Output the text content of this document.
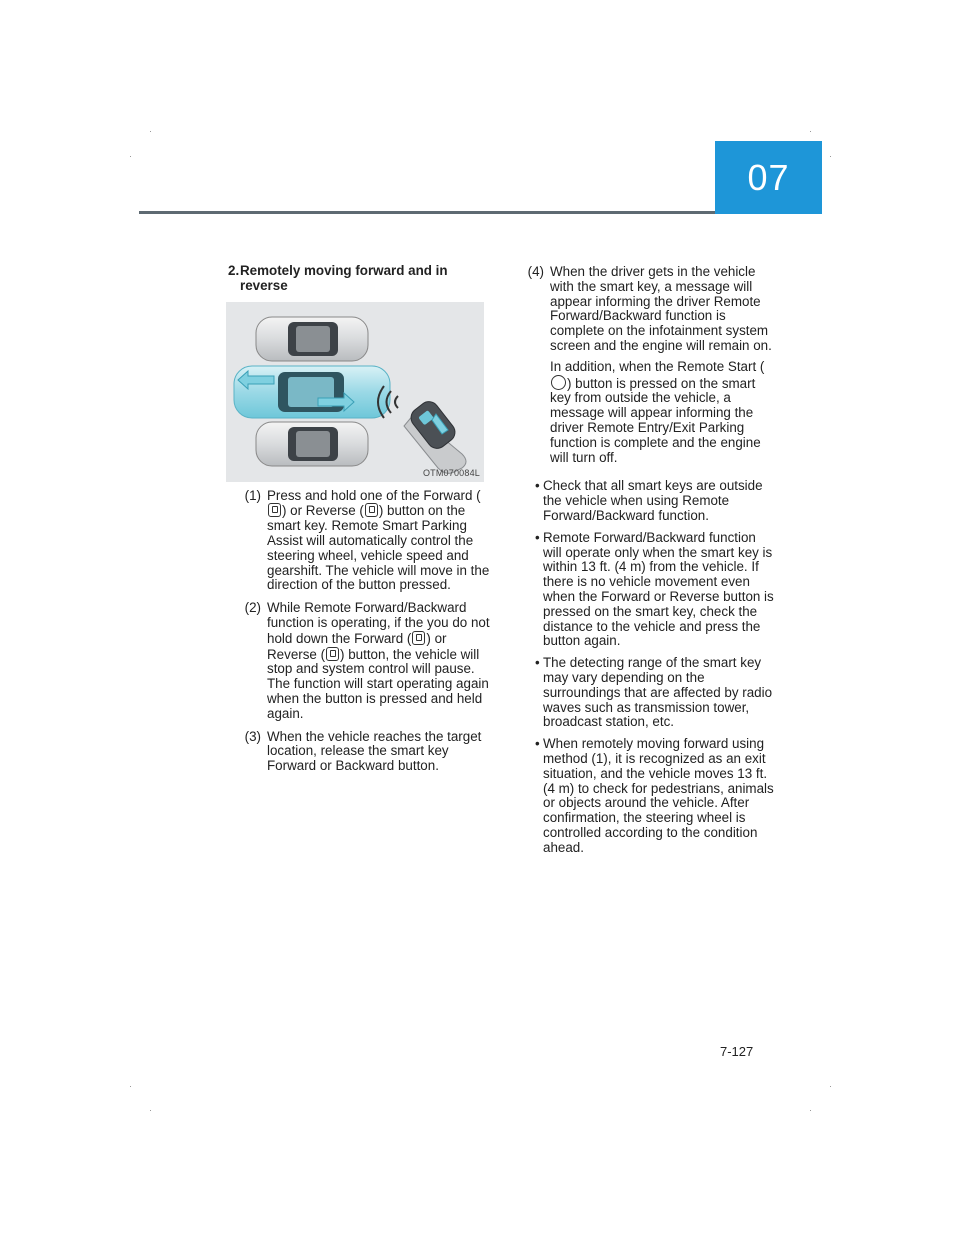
07
2. Remotely moving forward and in reverse
OTM070084L
(1) Press and hold one of the Forward () or Reverse ( ) button on the smart key. Remote Smart Parking Assist will automatically control the steering wheel, vehicle speed and gearshift. The vehicle will move in the direction of the button pressed.
(2) While Remote Forward/Backward function is operating, if the you do not hold down the Forward ( ) or Reverse ( ) button, the vehicle will stop and system control will pause. The function will start operating again when the button is pressed and held again.
(3) When the vehicle reaches the target location, release the smart key Forward or Backward button.
(4) When the driver gets in the vehicle with the smart key, a message will appear informing the driver Remote Forward/Backward function is complete on the infotainment system screen and the engine will remain on.

In addition, when the Remote Start () button is pressed on the smart key from outside the vehicle, a message will appear informing the driver Remote Entry/Exit Parking function is complete and the engine will turn off.

• Check that all smart keys are outside the vehicle when using Remote Forward/Backward function.
• Remote Forward/Backward function will operate only when the smart key is within 13 ft. (4 m) from the vehicle. If there is no vehicle movement even when the Forward or Reverse button is pressed on the smart key, check the distance to the vehicle and press the button again.
• The detecting range of the smart key may vary depending on the surroundings that are affected by radio waves such as transmission tower, broadcast station, etc.
• When remotely moving forward using method (1), it is recognized as an exit situation, and the vehicle moves 13 ft. (4 m) to check for pedestrians, animals or objects around the vehicle. After confirmation, the steering wheel is controlled according to the condition ahead.
7-127
